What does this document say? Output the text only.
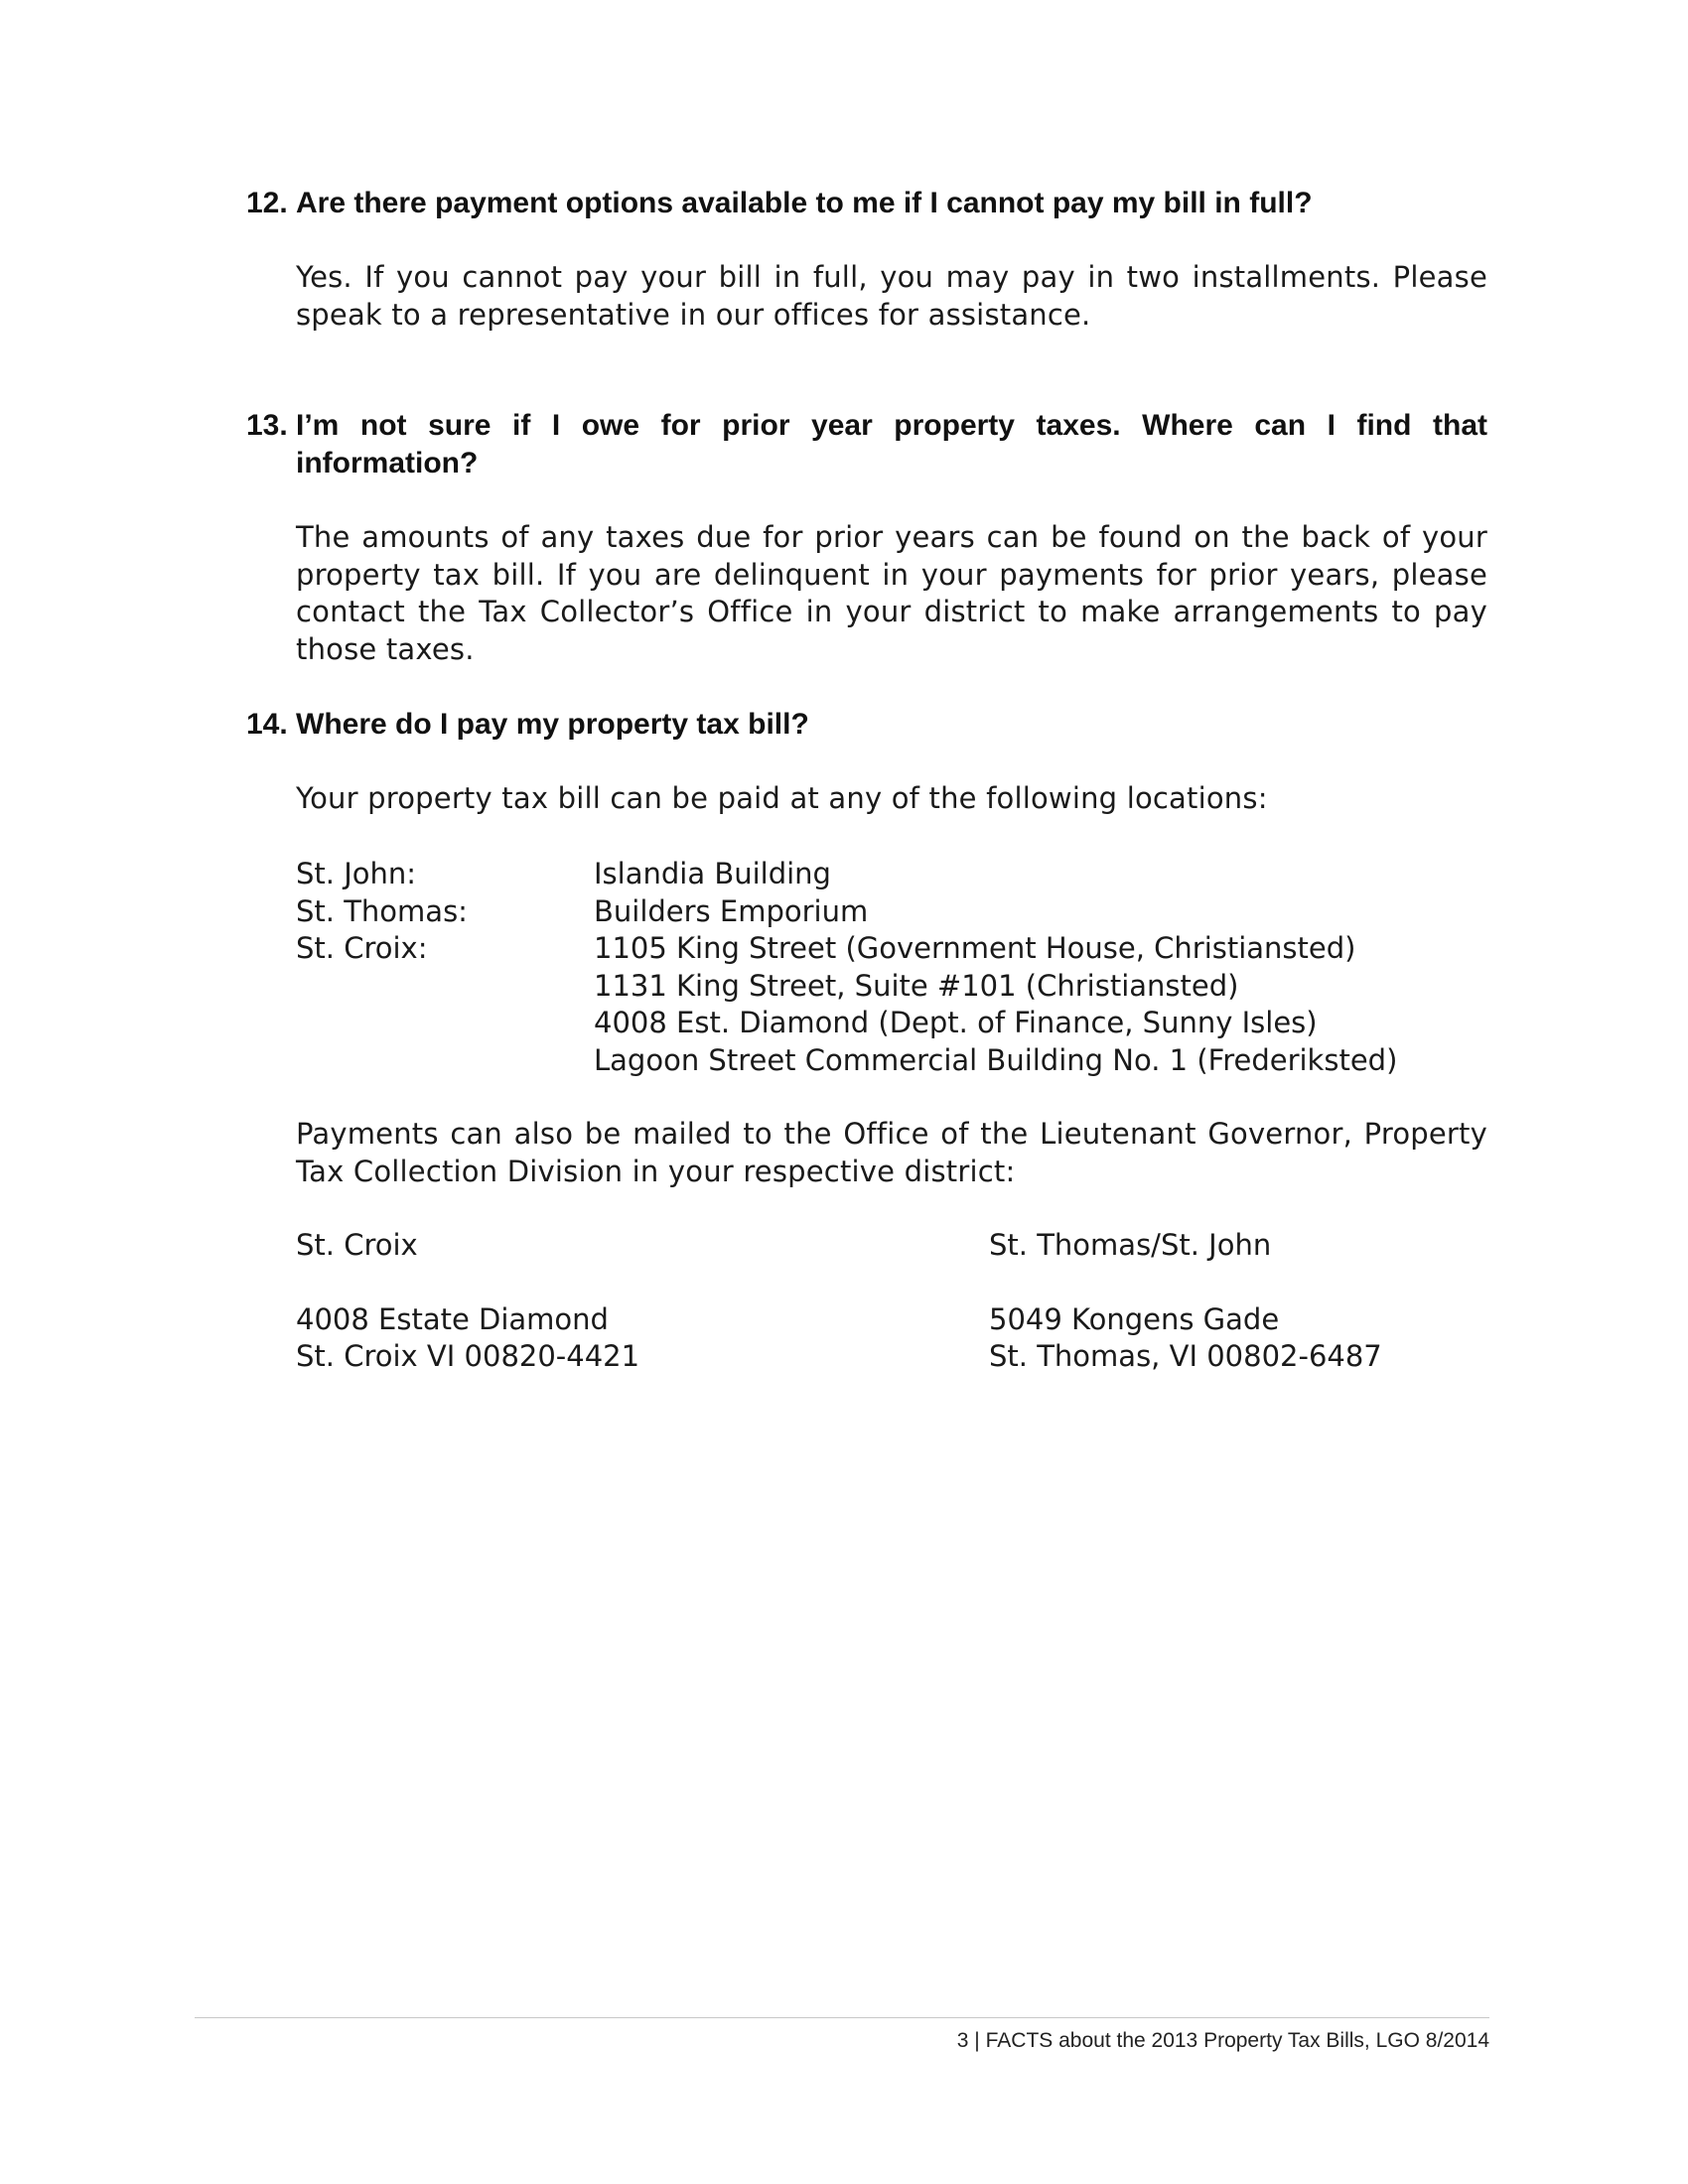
12. Are there payment options available to me if I cannot pay my bill in full?
Yes. If you cannot pay your bill in full, you may pay in two installments. Please speak to a representative in our offices for assistance.
13. I’m not sure if I owe for prior year property taxes. Where can I find that
information?
The amounts of any taxes due for prior years can be found on the back of your property tax bill. If you are delinquent in your payments for prior years, please contact the Tax Collector’s Office in your district to make arrangements to pay those taxes.
14. Where do I pay my property tax bill?
Your property tax bill can be paid at any of the following locations:
St. John:	Islandia Building
St. Thomas:	Builders Emporium
St. Croix:	1105 King Street (Government House, Christiansted)
1131 King Street, Suite #101 (Christiansted)
4008 Est. Diamond (Dept. of Finance, Sunny Isles)
Lagoon Street Commercial Building No. 1 (Frederiksted)
Payments can also be mailed to the Office of the Lieutenant Governor, Property Tax Collection Division in your respective district:
St. Croix
4008 Estate Diamond
St. Croix VI 00820-4421
St. Thomas/St. John
5049 Kongens Gade
St. Thomas, VI 00802-6487
3 | FACTS about the 2013 Property Tax Bills, LGO 8/2014
